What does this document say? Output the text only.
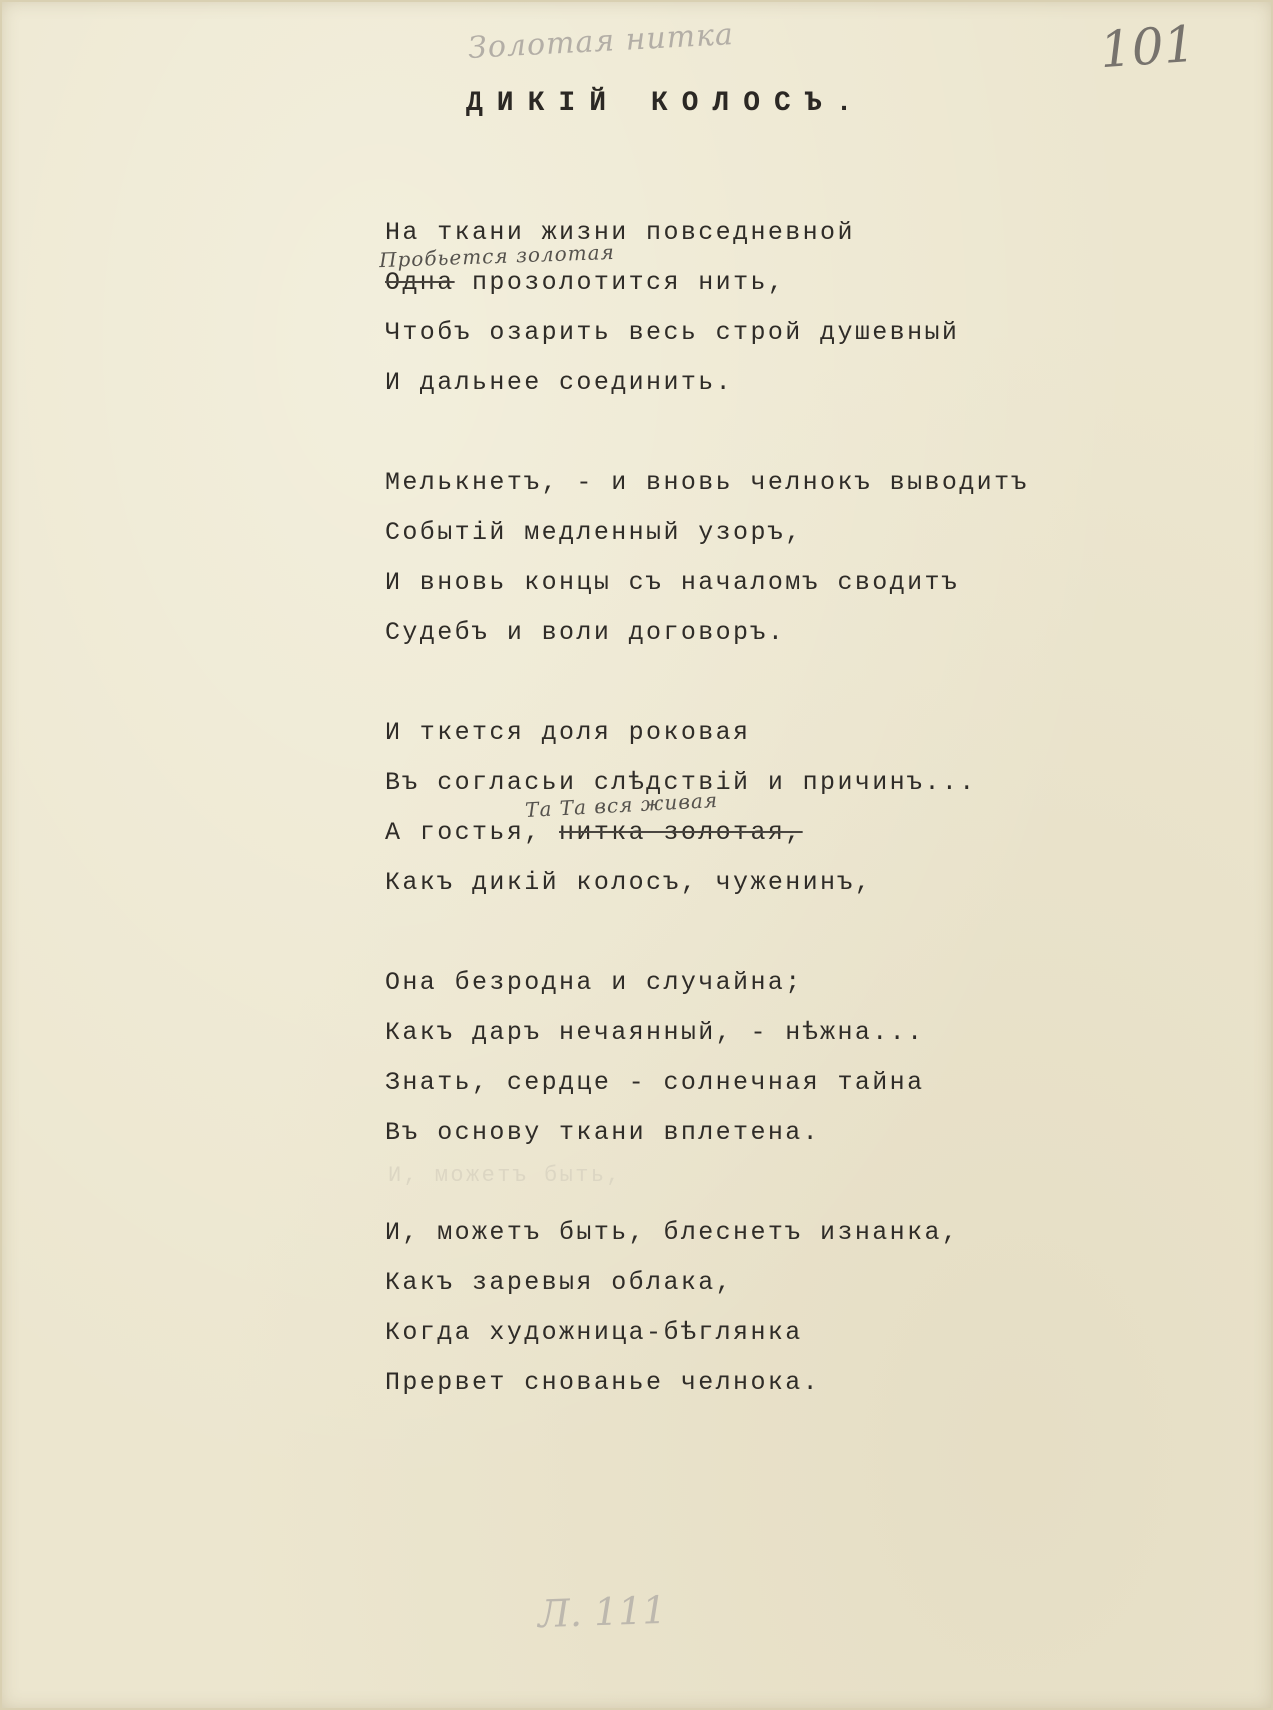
Золотая нитка	101
ДИКІЙ КОЛОСЪ.
На ткани жизни повседневной
Пробьется золотая
Одна прозолотится нить,
Чтобъ озарить весь строй душевный
И дальнее соединить.
Мелькнетъ, - и вновь челнокъ выводитъ
Событій медленный узоръ,
И вновь концы съ началомъ сводитъ
Судебъ и воли договоръ.
И ткется доля роковая
Въ согласьи слѣдствій и причинъ...
Та Та вся живая
А гостья, нитка золотая,
Какъ дикій колосъ, чуженинъ,
Она безродна и случайна;
Какъ даръ нечаянный, - нѣжна...
Знать, сердце - солнечная тайна
Въ основу ткани вплетена.
И, можетъ быть, блеснетъ изнанка,
Какъ заревыя облака,
Когда художница-бѣглянка
Прервет снованье челнока.
И, можетъ быть,
Л. 111
